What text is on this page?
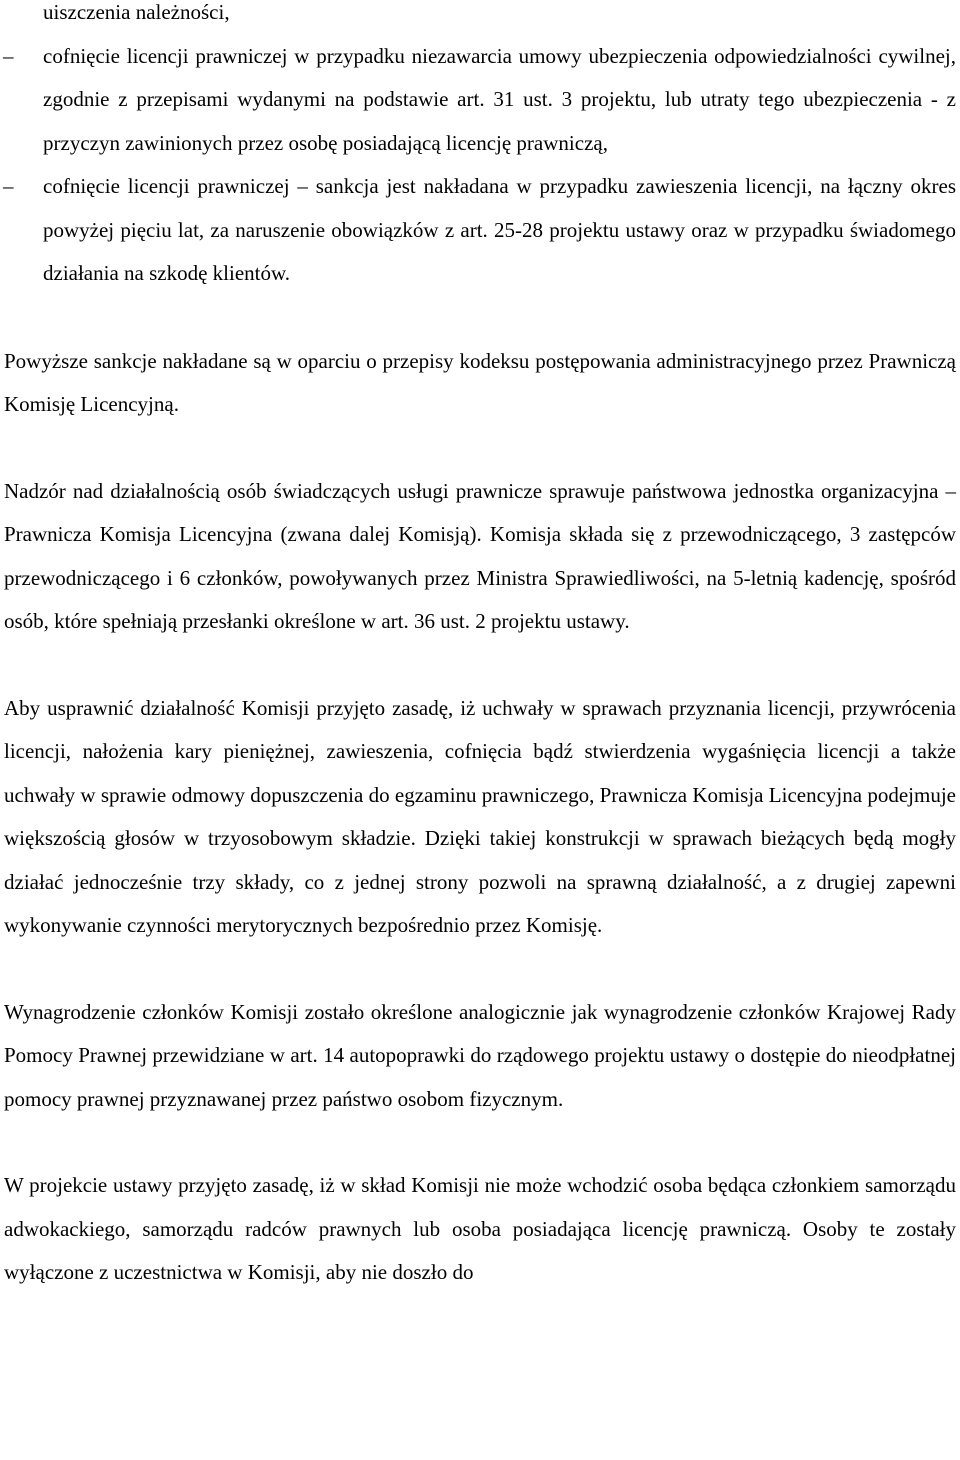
uiszczenia należności,
– cofnięcie licencji prawniczej w przypadku niezawarcia umowy ubezpieczenia odpowiedzialności cywilnej, zgodnie z przepisami wydanymi na podstawie art. 31 ust. 3 projektu, lub utraty tego ubezpieczenia - z przyczyn zawinionych przez osobę posiadającą licencję prawniczą,
– cofnięcie licencji prawniczej – sankcja jest nakładana w przypadku zawieszenia licencji, na łączny okres powyżej pięciu lat, za naruszenie obowiązków z art. 25-28 projektu ustawy oraz w przypadku świadomego działania na szkodę klientów.

Powyższe sankcje nakładane są w oparciu o przepisy kodeksu postępowania administracyjnego przez Prawniczą Komisję Licencyjną.

Nadzór nad działalnością osób świadczących usługi prawnicze sprawuje państwowa jednostka organizacyjna – Prawnicza Komisja Licencyjna (zwana dalej Komisją). Komisja składa się z przewodniczącego, 3 zastępców przewodniczącego i 6 członków, powoływanych przez Ministra Sprawiedliwości, na 5-letnią kadencję, spośród osób, które spełniają przesłanki określone w art. 36 ust. 2 projektu ustawy.

Aby usprawnić działalność Komisji przyjęto zasadę, iż uchwały w sprawach przyznania licencji, przywrócenia licencji, nałożenia kary pieniężnej, zawieszenia, cofnięcia bądź stwierdzenia wygaśnięcia licencji a także uchwały w sprawie odmowy dopuszczenia do egzaminu prawniczego, Prawnicza Komisja Licencyjna podejmuje większością głosów w trzyosobowym składzie. Dzięki takiej konstrukcji w sprawach bieżących będą mogły działać jednocześnie trzy składy, co z jednej strony pozwoli na sprawną działalność, a z drugiej zapewni wykonywanie czynności merytorycznych bezpośrednio przez Komisję.

Wynagrodzenie członków Komisji zostało określone analogicznie jak wynagrodzenie członków Krajowej Rady Pomocy Prawnej przewidziane w art. 14 autopoprawki do rządowego projektu ustawy o dostępie do nieodpłatnej pomocy prawnej przyznawanej przez państwo osobom fizycznym.

W projekcie ustawy przyjęto zasadę, iż w skład Komisji nie może wchodzić osoba będąca członkiem samorządu adwokackiego, samorządu radców prawnych lub osoba posiadająca licencję prawniczą. Osoby te zostały wyłączone z uczestnictwa w Komisji, aby nie doszło do
